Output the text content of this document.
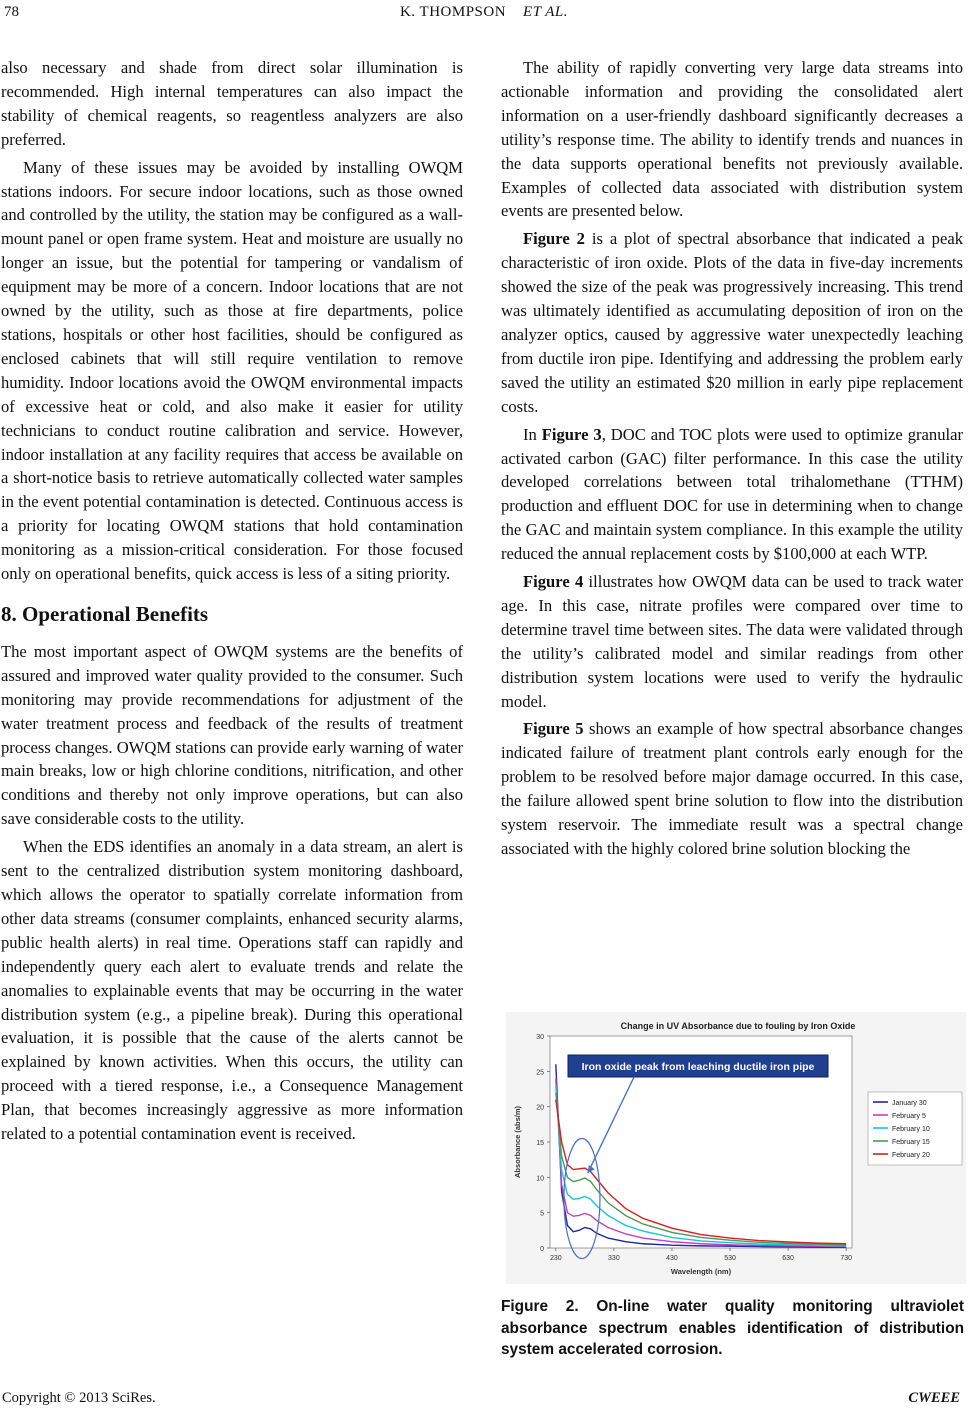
78	K. THOMPSON ET AL.

also necessary and shade from direct solar illumination is recommended. High internal temperatures can also impact the stability of chemical reagents, so reagentless analyzers are also preferred.

Many of these issues may be avoided by installing OWQM stations indoors. For secure indoor locations, such as those owned and controlled by the utility, the station may be configured as a wall-mount panel or open frame system. Heat and moisture are usually no longer an issue, but the potential for tampering or vandalism of equipment may be more of a concern. Indoor locations that are not owned by the utility, such as those at fire departments, police stations, hospitals or other host facilities, should be configured as enclosed cabinets that will still require ventilation to remove humidity. Indoor locations avoid the OWQM environmental impacts of excessive heat or cold, and also make it easier for utility technicians to conduct routine calibration and service. However, indoor installation at any facility requires that access be available on a short-notice basis to retrieve automatically collected water samples in the event potential contamination is detected. Continuous access is a priority for locating OWQM stations that hold contamination monitoring as a mission-critical consideration. For those focused only on operational benefits, quick access is less of a siting priority.

8. Operational Benefits

The most important aspect of OWQM systems are the benefits of assured and improved water quality provided to the consumer. Such monitoring may provide recommendations for adjustment of the water treatment process and feedback of the results of treatment process changes. OWQM stations can provide early warning of water main breaks, low or high chlorine conditions, nitrification, and other conditions and thereby not only improve operations, but can also save considerable costs to the utility.

When the EDS identifies an anomaly in a data stream, an alert is sent to the centralized distribution system monitoring dashboard, which allows the operator to spatially correlate information from other data streams (consumer complaints, enhanced security alarms, public health alerts) in real time. Operations staff can rapidly and independently query each alert to evaluate trends and relate the anomalies to explainable events that may be occurring in the water distribution system (e.g., a pipeline break). During this operational evaluation, it is possible that the cause of the alerts cannot be explained by known activities. When this occurs, the utility can proceed with a tiered response, i.e., a Consequence Management Plan, that becomes increasingly aggressive as more information related to a potential contamination event is received.

The ability of rapidly converting very large data streams into actionable information and providing the consolidated alert information on a user-friendly dashboard significantly decreases a utility’s response time. The ability to identify trends and nuances in the data supports operational benefits not previously available. Examples of collected data associated with distribution system events are presented below.

Figure 2 is a plot of spectral absorbance that indicated a peak characteristic of iron oxide. Plots of the data in five-day increments showed the size of the peak was progressively increasing. This trend was ultimately identified as accumulating deposition of iron on the analyzer optics, caused by aggressive water unexpectedly leaching from ductile iron pipe. Identifying and addressing the problem early saved the utility an estimated $20 million in early pipe replacement costs.

In Figure 3, DOC and TOC plots were used to optimize granular activated carbon (GAC) filter performance. In this case the utility developed correlations between total trihalomethane (TTHM) production and effluent DOC for use in determining when to change the GAC and maintain system compliance. In this example the utility reduced the annual replacement costs by $100,000 at each WTP.

Figure 4 illustrates how OWQM data can be used to track water age. In this case, nitrate profiles were compared over time to determine travel time between sites. The data were validated through the utility’s calibrated model and similar readings from other distribution system locations were used to verify the hydraulic model.

Figure 5 shows an example of how spectral absorbance changes indicated failure of treatment plant controls early enough for the problem to be resolved before major damage occurred. In this case, the failure allowed spent brine solution to flow into the distribution system reservoir. The immediate result was a spectral change associated with the highly colored brine solution blocking the

Change in UV Absorbance due to fouling by Iron Oxide
0
5
10
15
20
25
30
230	330	430	530	630	730
Wavelength (nm)
Absorbance (abs/m)
January 30
February 5
February 10
February 15
February 20
Iron oxide peak from leaching ductile iron pipe
Figure 2. On-line water quality monitoring ultraviolet absorbance spectrum enables identification of distribution system accelerated corrosion.
Copyright © 2013 SciRes.	CWEEE
